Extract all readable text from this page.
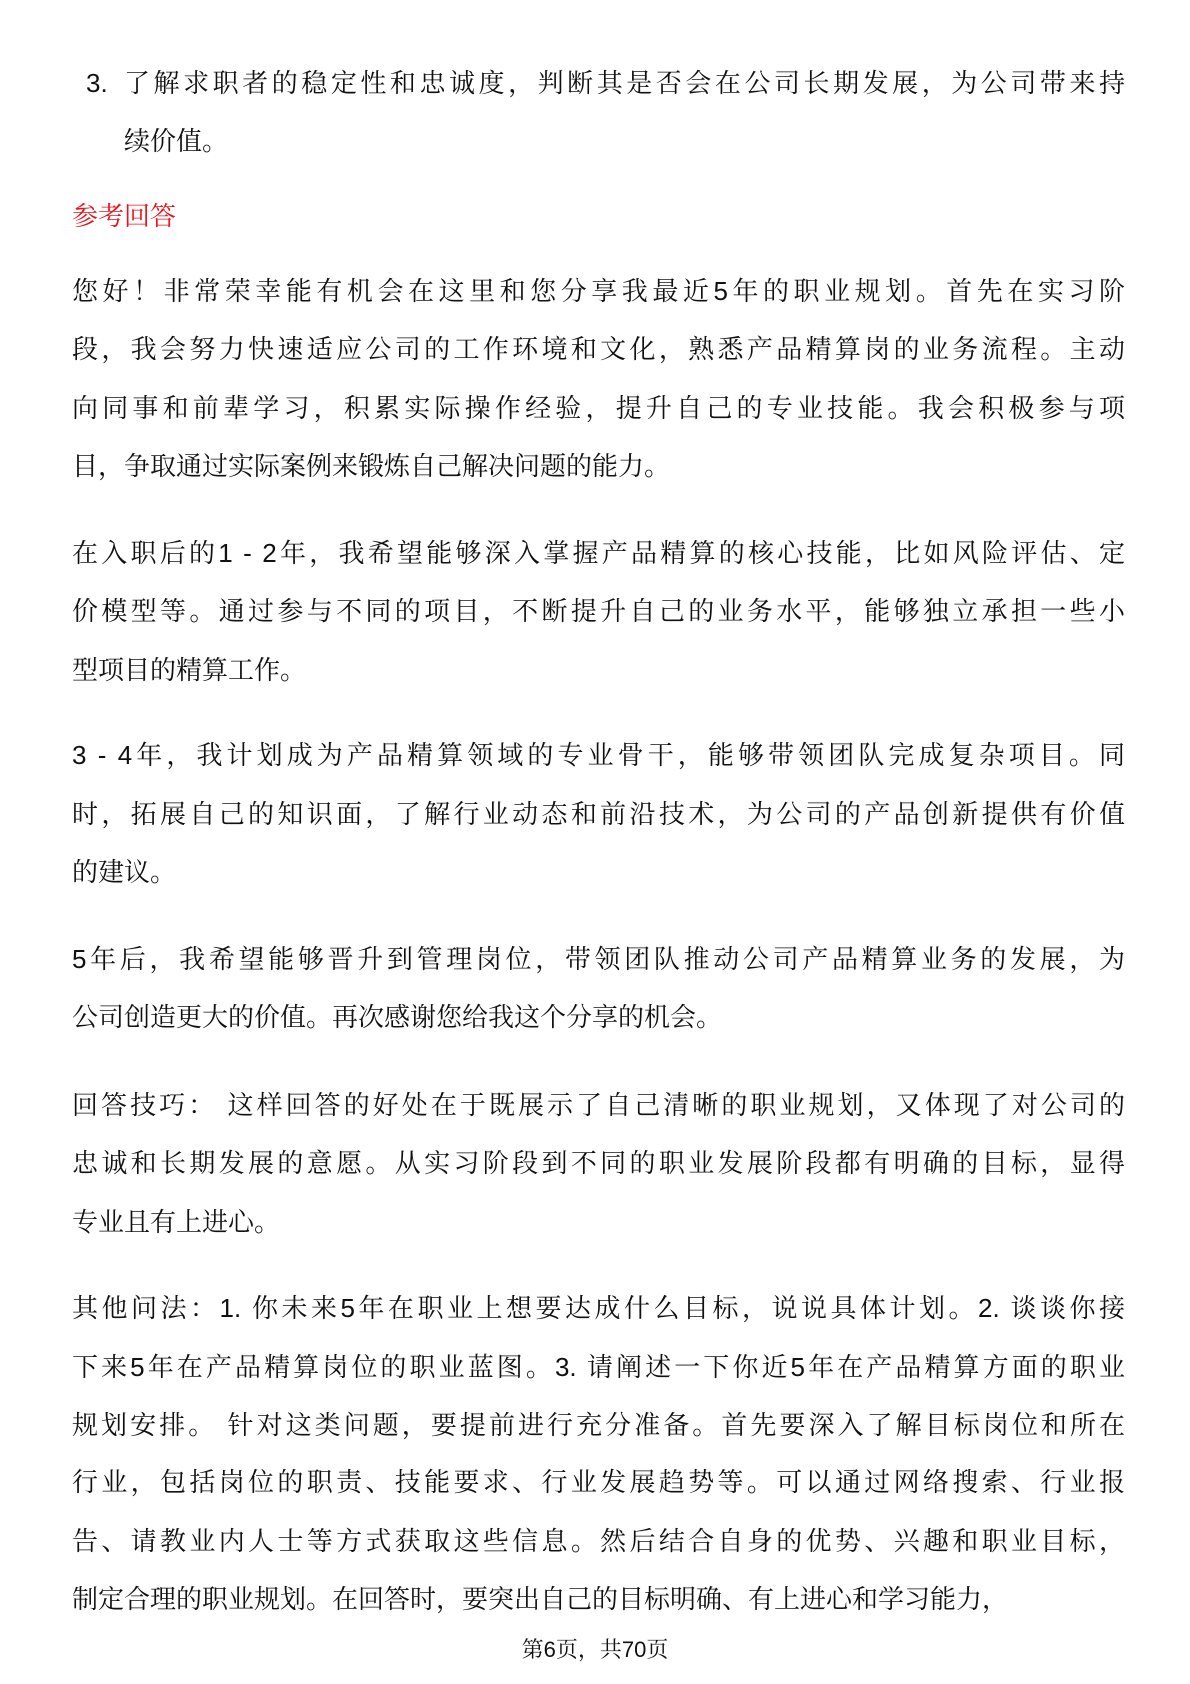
3. 了解求职者的稳定性和忠诚度，判断其是否会在公司长期发展，为公司带来持
续价值。
参考回答
您好！非常荣幸能有机会在这里和您分享我最近5年的职业规划。首先在实习阶
段，我会努力快速适应公司的工作环境和文化，熟悉产品精算岗的业务流程。主动
向同事和前辈学习，积累实际操作经验，提升自己的专业技能。我会积极参与项
目，争取通过实际案例来锻炼自己解决问题的能力。
在入职后的1 - 2年，我希望能够深入掌握产品精算的核心技能，比如风险评估、定
价模型等。通过参与不同的项目，不断提升自己的业务水平，能够独立承担一些小
型项目的精算工作。
3 - 4年，我计划成为产品精算领域的专业骨干，能够带领团队完成复杂项目。同
时，拓展自己的知识面，了解行业动态和前沿技术，为公司的产品创新提供有价值
的建议。
5年后，我希望能够晋升到管理岗位，带领团队推动公司产品精算业务的发展，为
公司创造更大的价值。再次感谢您给我这个分享的机会。
回答技巧： 这样回答的好处在于既展示了自己清晰的职业规划，又体现了对公司的
忠诚和长期发展的意愿。从实习阶段到不同的职业发展阶段都有明确的目标，显得
专业且有上进心。
其他问法：1. 你未来5年在职业上想要达成什么目标，说说具体计划。2. 谈谈你接
下来5年在产品精算岗位的职业蓝图。3. 请阐述一下你近5年在产品精算方面的职业
规划安排。 针对这类问题，要提前进行充分准备。首先要深入了解目标岗位和所在
行业，包括岗位的职责、技能要求、行业发展趋势等。可以通过网络搜索、行业报
告、请教业内人士等方式获取这些信息。然后结合自身的优势、兴趣和职业目标，
制定合理的职业规划。在回答时，要突出自己的目标明确、有上进心和学习能力，
第6页，共70页
